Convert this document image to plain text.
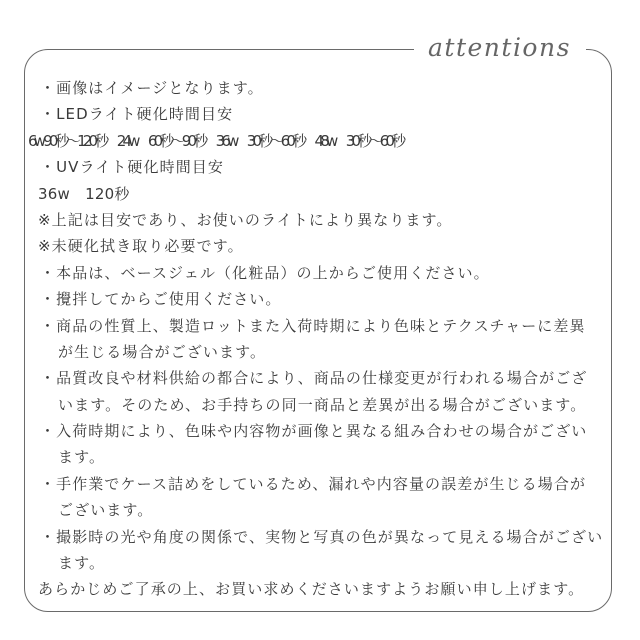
attentions
・画像はイメージとなります。
・LEDライト硬化時間目安
6w 90秒～120秒　24w　60秒～90秒　36w　30秒～60秒　48w　30秒～60秒
・UVライト硬化時間目安
36w　120秒
※上記は目安であり、お使いのライトにより異なります。
※未硬化拭き取り必要です。
・本品は、ベースジェル（化粧品）の上からご使用ください。
・攪拌してからご使用ください。
・商品の性質上、製造ロットまた入荷時期により色味とテクスチャーに差異
が生じる場合がございます。
・品質改良や材料供給の都合により、商品の仕様変更が行われる場合がござ
います。そのため、お手持ちの同一商品と差異が出る場合がございます。
・入荷時期により、色味や内容物が画像と異なる組み合わせの場合がござい
ます。
・手作業でケース詰めをしているため、漏れや内容量の誤差が生じる場合が
ございます。
・撮影時の光や角度の関係で、実物と写真の色が異なって見える場合がござい
ます。
あらかじめご了承の上、お買い求めくださいますようお願い申し上げます。
